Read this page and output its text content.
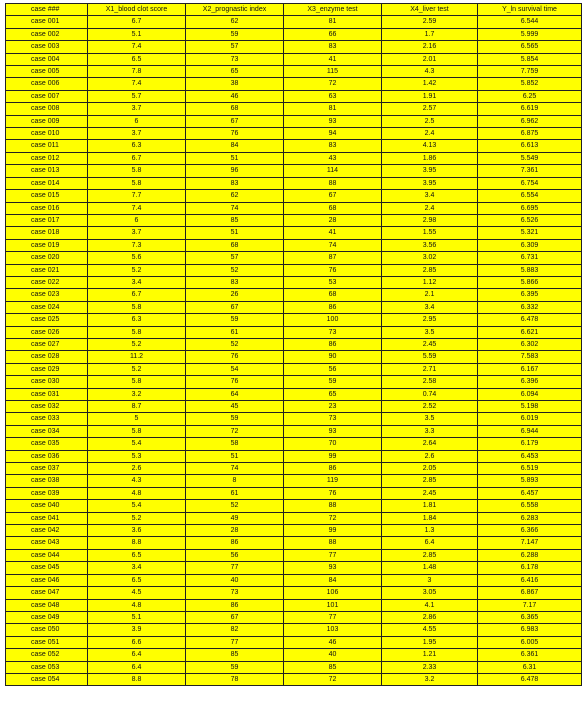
case ###	X1_blood clot score	X2_prognastic index	X3_enzyme test	X4_liver test	Y_ln survival time
case 001	6.7	62	81	2.59	6.544
case 002	5.1	59	66	1.7	5.999
case 003	7.4	57	83	2.16	6.565
case 004	6.5	73	41	2.01	5.854
case 005	7.8	65	115	4.3	7.759
case 006	7.4	38	72	1.42	5.852
case 007	5.7	46	63	1.91	6.25
case 008	3.7	68	81	2.57	6.619
case 009	6	67	93	2.5	6.962
case 010	3.7	76	94	2.4	6.875
case 011	6.3	84	83	4.13	6.613
case 012	6.7	51	43	1.86	5.549
case 013	5.8	96	114	3.95	7.361
case 014	5.8	83	88	3.95	6.754
case 015	7.7	62	67	3.4	6.554
case 016	7.4	74	68	2.4	6.695
case 017	6	85	28	2.98	6.526
case 018	3.7	51	41	1.55	5.321
case 019	7.3	68	74	3.56	6.309
case 020	5.6	57	87	3.02	6.731
case 021	5.2	52	76	2.85	5.883
case 022	3.4	83	53	1.12	5.866
case 023	6.7	26	68	2.1	6.395
case 024	5.8	67	86	3.4	6.332
case 025	6.3	59	100	2.95	6.478
case 026	5.8	61	73	3.5	6.621
case 027	5.2	52	86	2.45	6.302
case 028	11.2	76	90	5.59	7.583
case 029	5.2	54	56	2.71	6.167
case 030	5.8	76	59	2.58	6.396
case 031	3.2	64	65	0.74	6.094
case 032	8.7	45	23	2.52	5.198
case 033	5	59	73	3.5	6.019
case 034	5.8	72	93	3.3	6.944
case 035	5.4	58	70	2.64	6.179
case 036	5.3	51	99	2.6	6.453
case 037	2.6	74	86	2.05	6.519
case 038	4.3	8	119	2.85	5.893
case 039	4.8	61	76	2.45	6.457
case 040	5.4	52	88	1.81	6.558
case 041	5.2	49	72	1.84	6.283
case 042	3.6	28	99	1.3	6.366
case 043	8.8	86	88	6.4	7.147
case 044	6.5	56	77	2.85	6.288
case 045	3.4	77	93	1.48	6.178
case 046	6.5	40	84	3	6.416
case 047	4.5	73	106	3.05	6.867
case 048	4.8	86	101	4.1	7.17
case 049	5.1	67	77	2.86	6.365
case 050	3.9	82	103	4.55	6.983
case 051	6.6	77	46	1.95	6.005
case 052	6.4	85	40	1.21	6.361
case 053	6.4	59	85	2.33	6.31
case 054	8.8	78	72	3.2	6.478
